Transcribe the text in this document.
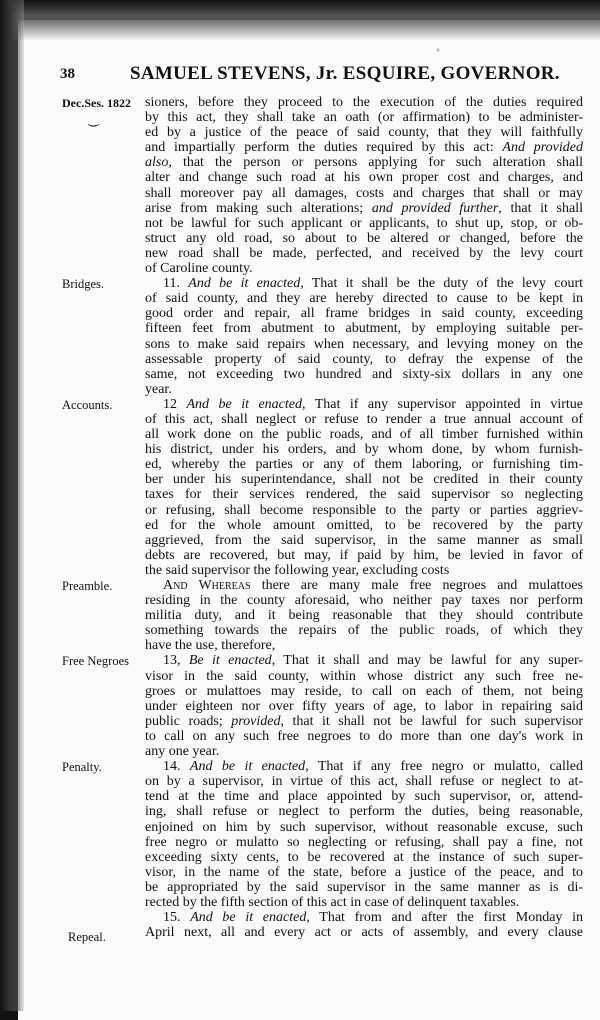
38	SAMUEL STEVENS, Jr. ESQUIRE, GOVERNOR.
Dec.Ses. 1822
⏝
Bridges.
Accounts.
Preamble.
Free Negroes
Penalty.
Repeal.
sioners, before they proceed to the execution of the duties required
by this act, they shall take an oath (or affirmation) to be administer-
ed by a justice of the peace of said county, that they will faithfully
and impartially perform the duties required by this act: And provided
also, that the person or persons applying for such alteration shall
alter and change such road at his own proper cost and charges, and
shall moreover pay all damages, costs and charges that shall or may
arise from making such alterations; and provided further, that it shall
not be lawful for such applicant or applicants, to shut up, stop, or ob-
struct any old road, so about to be altered or changed, before the
new road shall be made, perfected, and received by the levy court
of Caroline county.
11. And be it enacted, That it shall be the duty of the levy court
of said county, and they are hereby directed to cause to be kept in
good order and repair, all frame bridges in said county, exceeding
fifteen feet from abutment to abutment, by employing suitable per-
sons to make said repairs when necessary, and levying money on the
assessable property of said county, to defray the expense of the
same, not exceeding two hundred and sixty-six dollars in any one
year.
12 And be it enacted, That if any supervisor appointed in virtue
of this act, shall neglect or refuse to render a true annual account of
all work done on the public roads, and of all timber furnished within
his district, under his orders, and by whom done, by whom furnish-
ed, whereby the parties or any of them laboring, or furnishing tim-
ber under his superintendance, shall not be credited in their county
taxes for their services rendered, the said supervisor so neglecting
or refusing, shall become responsible to the party or parties aggriev-
ed for the whole amount omitted, to be recovered by the party
aggrieved, from the said supervisor, in the same manner as small
debts are recovered, but may, if paid by him, be levied in favor of
the said supervisor the following year, excluding costs
And Whereas there are many male free negroes and mulattoes
residing in the county aforesaid, who neither pay taxes nor perform
militia duty, and it being reasonable that they should contribute
something towards the repairs of the public roads, of which they
have the use, therefore,
13, Be it enacted, That it shall and may be lawful for any super-
visor in the said county, within whose district any such free ne-
groes or mulattoes may reside, to call on each of them, not being
under eighteen nor over fifty years of age, to labor in repairing said
public roads; provided, that it shall not be lawful for such supervisor
to call on any such free negroes to do more than one day's work in
any one year.
14. And be it enacted, That if any free negro or mulatto, called
on by a supervisor, in virtue of this act, shall refuse or neglect to at-
tend at the time and place appointed by such supervisor, or, attend-
ing, shall refuse or neglect to perform the duties, being reasonable,
enjoined on him by such supervisor, without reasonable excuse, such
free negro or mulatto so neglecting or refusing, shall pay a fine, not
exceeding sixty cents, to be recovered at the instance of such super-
visor, in the name of the state, before a justice of the peace, and to
be appropriated by the said supervisor in the same manner as is di-
rected by the fifth section of this act in case of delinquent taxables.
15. And be it enacted, That from and after the first Monday in
April next, all and every act or acts of assembly, and every clause
